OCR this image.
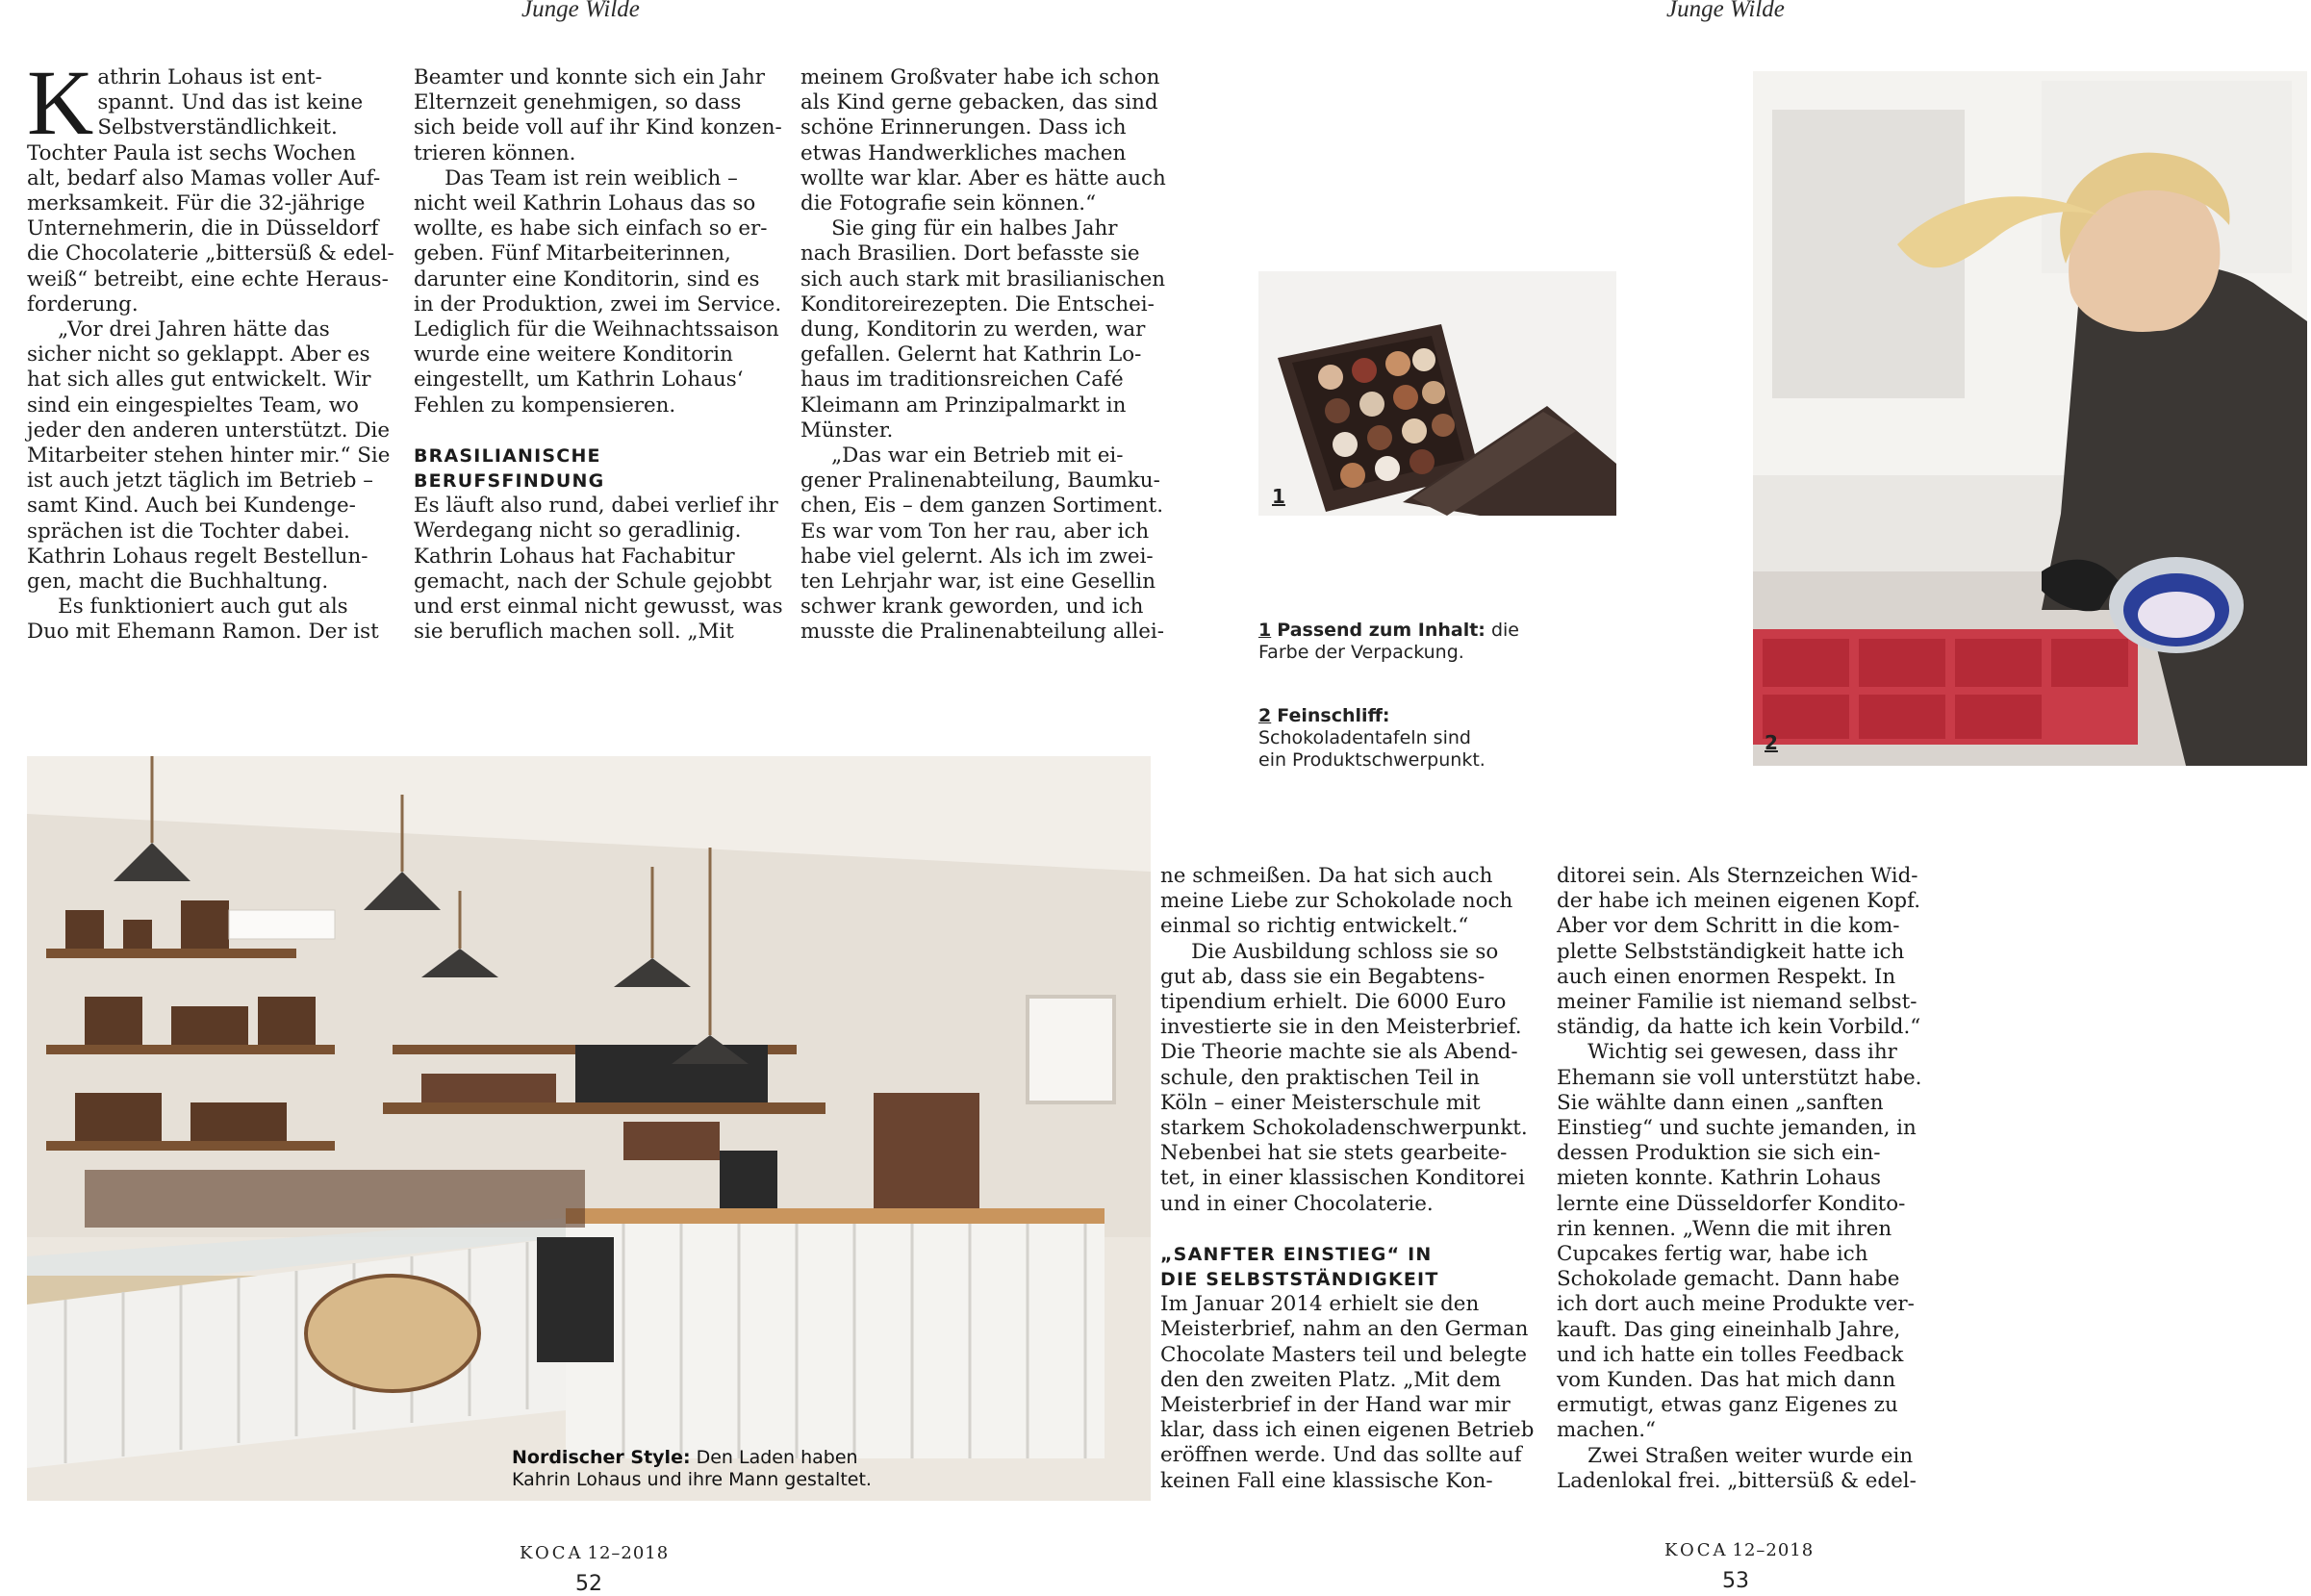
Junge Wilde	Junge Wilde
K athrin Lohaus ist ent-

spannt. Und das ist keine

Selbstverständlichkeit.

Tochter Paula ist sechs Wochen

alt, bedarf also Mamas voller Auf-

merksamkeit. Für die 32-jährige

Unternehmerin, die in Düsseldorf

die Chocolaterie „bittersüß & edel-

weiß“ betreibt, eine echte Heraus-

forderung.

„Vor drei Jahren hätte das

sicher nicht so geklappt. Aber es

hat sich alles gut entwickelt. Wir

sind ein eingespieltes Team, wo

jeder den anderen unterstützt. Die

Mitarbeiter stehen hinter mir.“ Sie

ist auch jetzt täglich im Betrieb –

samt Kind. Auch bei Kundenge-

sprächen ist die Tochter dabei.

Kathrin Lohaus regelt Bestellun-

gen, macht die Buchhaltung.

Es funktioniert auch gut als

Duo mit Ehemann Ramon. Der ist

Beamter und konnte sich ein Jahr

Elternzeit genehmigen, so dass

sich beide voll auf ihr Kind konzen-

trieren können.

Das Team ist rein weiblich –

nicht weil Kathrin Lohaus das so

wollte, es habe sich einfach so er-

geben. Fünf Mitarbeiterinnen,

darunter eine Konditorin, sind es

in der Produktion, zwei im Service.

Lediglich für die Weihnachtssaison

wurde eine weitere Konditorin

eingestellt, um Kathrin Lohaus‘

Fehlen zu kompensieren.

BRASILIANISCHE
BERUFSFINDUNG

Es läuft also rund, dabei verlief ihr

Werdegang nicht so geradlinig.

Kathrin Lohaus hat Fachabitur

gemacht, nach der Schule gejobbt

und erst einmal nicht gewusst, was

sie beruflich machen soll. „Mit

meinem Großvater habe ich schon

als Kind gerne gebacken, das sind

schöne Erinnerungen. Dass ich

etwas Handwerkliches machen

wollte war klar. Aber es hätte auch

die Fotografie sein können.“

Sie ging für ein halbes Jahr

nach Brasilien. Dort befasste sie

sich auch stark mit brasilianischen

Konditoreirezepten. Die Entschei-

dung, Konditorin zu werden, war

gefallen. Gelernt hat Kathrin Lo-

haus im traditionsreichen Café

Kleimann am Prinzipalmarkt in

Münster.

„Das war ein Betrieb mit ei-

gener Pralinenabteilung, Baumku-

chen, Eis – dem ganzen Sortiment.

Es war vom Ton her rau, aber ich

habe viel gelernt. Als ich im zwei-

ten Lehrjahr war, ist eine Gesellin

schwer krank geworden, und ich

musste die Pralinenabteilung allei-

ne schmeißen. Da hat sich auch

meine Liebe zur Schokolade noch

einmal so richtig entwickelt.“

Die Ausbildung schloss sie so

gut ab, dass sie ein Begabtens-

tipendium erhielt. Die 6000 Euro

investierte sie in den Meisterbrief.

Die Theorie machte sie als Abend-

schule, den praktischen Teil in

Köln – einer Meisterschule mit

starkem Schokoladenschwerpunkt.

Nebenbei hat sie stets gearbeite-

tet, in einer klassischen Konditorei

und in einer Chocolaterie.

„SANFTER EINSTIEG“ IN
DIE SELBSTSTÄNDIGKEIT

Im Januar 2014 erhielt sie den

Meisterbrief, nahm an den German

Chocolate Masters teil und belegte

den den zweiten Platz. „Mit dem

Meisterbrief in der Hand war mir

klar, dass ich einen eigenen Betrieb

eröffnen werde. Und das sollte auf

keinen Fall eine klassische Kon-

ditorei sein. Als Sternzeichen Wid-

der habe ich meinen eigenen Kopf.

Aber vor dem Schritt in die kom-

plette Selbstständigkeit hatte ich

auch einen enormen Respekt. In

meiner Familie ist niemand selbst-

ständig, da hatte ich kein Vorbild.“

Wichtig sei gewesen, dass ihr

Ehemann sie voll unterstützt habe.

Sie wählte dann einen „sanften

Einstieg“ und suchte jemanden, in

dessen Produktion sie sich ein-

mieten konnte. Kathrin Lohaus

lernte eine Düsseldorfer Kondito-

rin kennen. „Wenn die mit ihren

Cupcakes fertig war, habe ich

Schokolade gemacht. Dann habe

ich dort auch meine Produkte ver-

kauft. Das ging eineinhalb Jahre,

und ich hatte ein tolles Feedback

vom Kunden. Das hat mich dann

ermutigt, etwas ganz Eigenes zu

machen.“

Zwei Straßen weiter wurde ein

Ladenlokal frei. „bittersüß & edel-

1
1 Passend zum Inhalt: die
Farbe der Verpackung.
2 Feinschliff:
Schokoladentafeln sind
ein Produktschwerpunkt.
2
Nordischer Style: Den Laden haben
Kahrin Lohaus und ihre Mann gestaltet.
KOCA 12–2018
52
KOCA 12–2018
53
